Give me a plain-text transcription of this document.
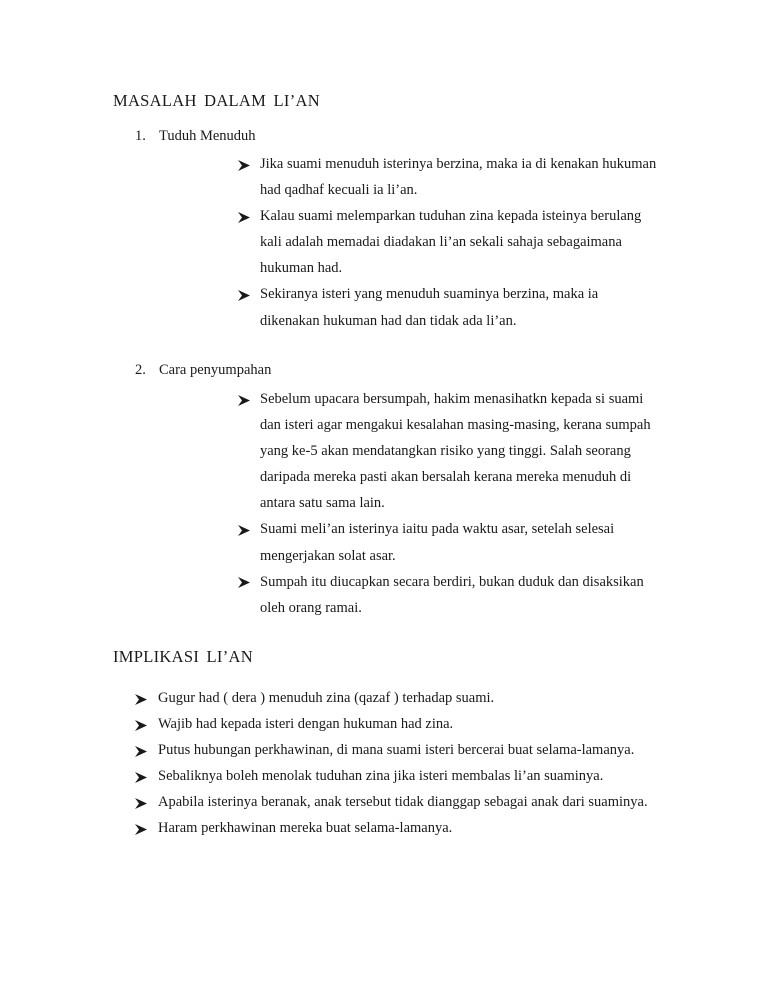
MASALAH DALAM LI’AN
1. Tuduh Menuduh
Jika suami menuduh isterinya berzina, maka ia di kenakan hukuman had qadhaf kecuali ia li’an.
Kalau suami melemparkan tuduhan zina kepada isteinya berulang kali adalah memadai diadakan li’an sekali sahaja sebagaimana hukuman had.
Sekiranya isteri yang menuduh suaminya berzina, maka ia dikenakan hukuman had dan tidak ada li’an.
2. Cara penyumpahan
Sebelum upacara bersumpah, hakim menasihatkn kepada si suami dan isteri agar mengakui kesalahan masing-masing, kerana sumpah yang ke-5 akan mendatangkan risiko yang tinggi. Salah seorang daripada mereka pasti akan bersalah kerana mereka menuduh di antara satu sama lain.
Suami meli’an isterinya iaitu pada waktu asar, setelah selesai mengerjakan solat asar.
Sumpah itu diucapkan secara berdiri, bukan duduk dan disaksikan oleh orang ramai.
IMPLIKASI LI’AN
Gugur had ( dera ) menuduh zina (qazaf ) terhadap suami.
Wajib had kepada isteri dengan hukuman had zina.
Putus hubungan perkhawinan, di mana suami isteri bercerai buat selama-lamanya.
Sebaliknya boleh menolak tuduhan zina jika isteri membalas li’an suaminya.
Apabila isterinya beranak, anak tersebut tidak dianggap sebagai anak dari suaminya.
Haram perkhawinan mereka buat selama-lamanya.
